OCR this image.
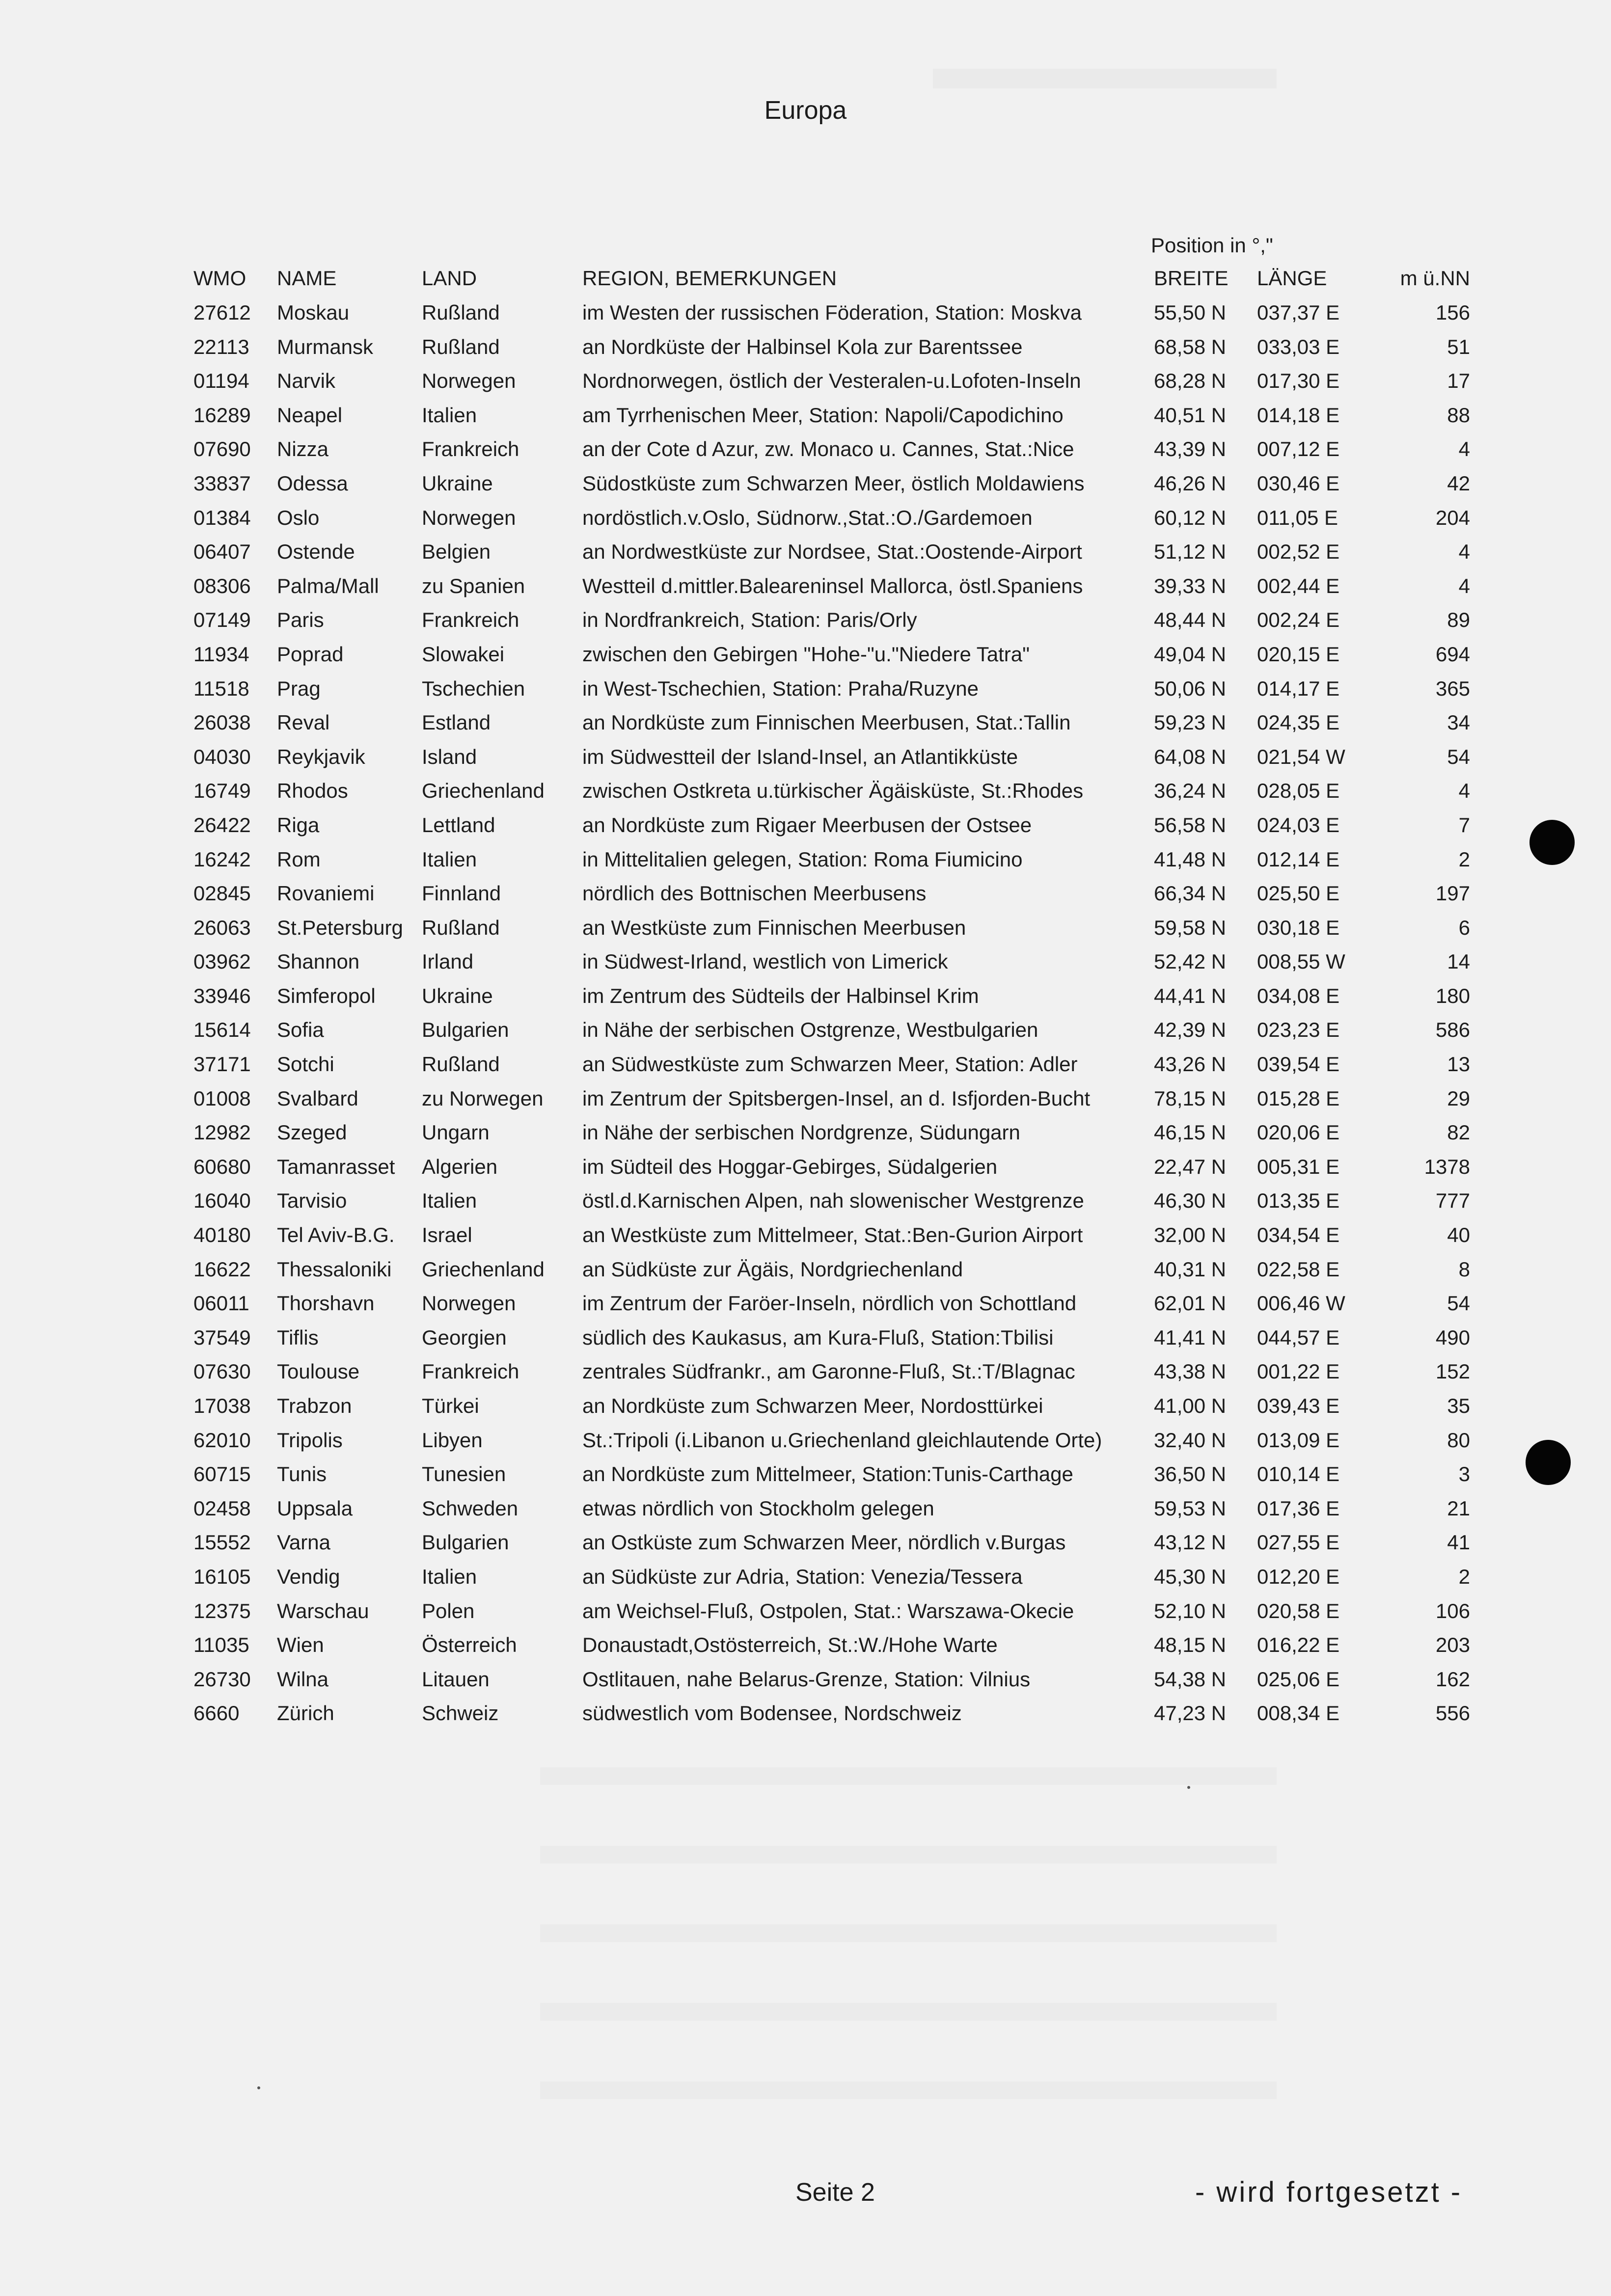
Europa
Position in °,"
WMO	NAME	LAND	REGION, BEMERKUNGEN	BREITE	LÄNGE	m ü.NN
27612	Moskau	Rußland	im Westen der russischen Föderation, Station: Moskva	55,50 N	037,37 E	156
22113	Murmansk	Rußland	an Nordküste der Halbinsel Kola zur Barentssee	68,58 N	033,03 E	51
01194	Narvik	Norwegen	Nordnorwegen, östlich der Vesteralen-u.Lofoten-Inseln	68,28 N	017,30 E	17
16289	Neapel	Italien	am Tyrrhenischen Meer, Station: Napoli/Capodichino	40,51 N	014,18 E	88
07690	Nizza	Frankreich	an der Cote d Azur, zw. Monaco u. Cannes, Stat.:Nice	43,39 N	007,12 E	4
33837	Odessa	Ukraine	Südostküste zum Schwarzen Meer, östlich Moldawiens	46,26 N	030,46 E	42
01384	Oslo	Norwegen	nordöstlich.v.Oslo, Südnorw.,Stat.:O./Gardemoen	60,12 N	011,05 E	204
06407	Ostende	Belgien	an Nordwestküste zur Nordsee, Stat.:Oostende-Airport	51,12 N	002,52 E	4
08306	Palma/Mall	zu Spanien	Westteil d.mittler.Baleareninsel Mallorca, östl.Spaniens	39,33 N	002,44 E	4
07149	Paris	Frankreich	in Nordfrankreich, Station: Paris/Orly	48,44 N	002,24 E	89
11934	Poprad	Slowakei	zwischen den Gebirgen "Hohe-"u."Niedere Tatra"	49,04 N	020,15 E	694
11518	Prag	Tschechien	in West-Tschechien, Station: Praha/Ruzyne	50,06 N	014,17 E	365
26038	Reval	Estland	an Nordküste zum Finnischen Meerbusen, Stat.:Tallin	59,23 N	024,35 E	34
04030	Reykjavik	Island	im Südwestteil der Island-Insel, an Atlantikküste	64,08 N	021,54 W	54
16749	Rhodos	Griechenland	zwischen Ostkreta u.türkischer Ägäisküste, St.:Rhodes	36,24 N	028,05 E	4
26422	Riga	Lettland	an Nordküste zum Rigaer Meerbusen der Ostsee	56,58 N	024,03 E	7
16242	Rom	Italien	in Mittelitalien gelegen, Station: Roma Fiumicino	41,48 N	012,14 E	2
02845	Rovaniemi	Finnland	nördlich des Bottnischen Meerbusens	66,34 N	025,50 E	197
26063	St.Petersburg	Rußland	an Westküste zum Finnischen Meerbusen	59,58 N	030,18 E	6
03962	Shannon	Irland	in Südwest-Irland, westlich von Limerick	52,42 N	008,55 W	14
33946	Simferopol	Ukraine	im Zentrum des Südteils der Halbinsel Krim	44,41 N	034,08 E	180
15614	Sofia	Bulgarien	in Nähe der serbischen Ostgrenze, Westbulgarien	42,39 N	023,23 E	586
37171	Sotchi	Rußland	an Südwestküste zum Schwarzen Meer, Station: Adler	43,26 N	039,54 E	13
01008	Svalbard	zu Norwegen	im Zentrum der Spitsbergen-Insel, an d. Isfjorden-Bucht	78,15 N	015,28 E	29
12982	Szeged	Ungarn	in Nähe der serbischen Nordgrenze, Südungarn	46,15 N	020,06 E	82
60680	Tamanrasset	Algerien	im Südteil des Hoggar-Gebirges, Südalgerien	22,47 N	005,31 E	1378
16040	Tarvisio	Italien	östl.d.Karnischen Alpen, nah slowenischer Westgrenze	46,30 N	013,35 E	777
40180	Tel Aviv-B.G.	Israel	an Westküste zum Mittelmeer, Stat.:Ben-Gurion Airport	32,00 N	034,54 E	40
16622	Thessaloniki	Griechenland	an Südküste zur Ägäis, Nordgriechenland	40,31 N	022,58 E	8
06011	Thorshavn	Norwegen	im Zentrum der Faröer-Inseln, nördlich von Schottland	62,01 N	006,46 W	54
37549	Tiflis	Georgien	südlich des Kaukasus, am Kura-Fluß, Station:Tbilisi	41,41 N	044,57 E	490
07630	Toulouse	Frankreich	zentrales Südfrankr., am Garonne-Fluß, St.:T/Blagnac	43,38 N	001,22 E	152
17038	Trabzon	Türkei	an Nordküste zum Schwarzen Meer, Nordosttürkei	41,00 N	039,43 E	35
62010	Tripolis	Libyen	St.:Tripoli (i.Libanon u.Griechenland gleichlautende Orte)	32,40 N	013,09 E	80
60715	Tunis	Tunesien	an Nordküste zum Mittelmeer, Station:Tunis-Carthage	36,50 N	010,14 E	3
02458	Uppsala	Schweden	etwas nördlich von Stockholm gelegen	59,53 N	017,36 E	21
15552	Varna	Bulgarien	an Ostküste zum Schwarzen Meer, nördlich v.Burgas	43,12 N	027,55 E	41
16105	Vendig	Italien	an Südküste zur Adria, Station: Venezia/Tessera	45,30 N	012,20 E	2
12375	Warschau	Polen	am Weichsel-Fluß, Ostpolen, Stat.: Warszawa-Okecie	52,10 N	020,58 E	106
11035	Wien	Österreich	Donaustadt,Ostösterreich, St.:W./Hohe Warte	48,15 N	016,22 E	203
26730	Wilna	Litauen	Ostlitauen, nahe Belarus-Grenze, Station: Vilnius	54,38 N	025,06 E	162
6660	Zürich	Schweiz	südwestlich vom Bodensee, Nordschweiz	47,23 N	008,34 E	556
Seite 2	- wird fortgesetzt -
